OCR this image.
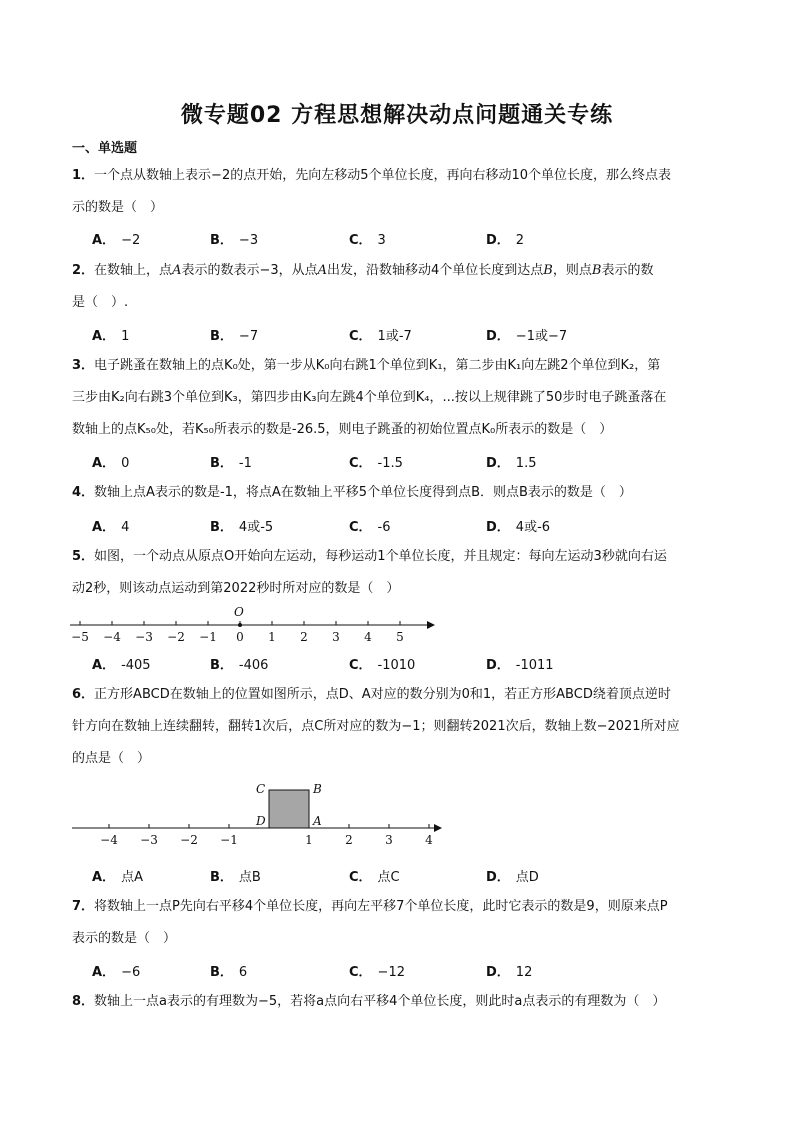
微专题02 方程思想解决动点问题通关专练
一、单选题
1．一个点从数轴上表示−2的点开始，先向左移动5个单位长度，再向右移动10个单位长度，那么终点表
示的数是（　）
A． −2	B． −3	C． 3	D． 2
2．在数轴上，点A表示的数表示−3，从点A出发，沿数轴移动4个单位长度到达点B，则点B表示的数
是（　）.
A． 1	B． −7	C． 1或-7	D． −1或−7
3．电子跳蚤在数轴上的点K₀处，第一步从K₀向右跳1个单位到K₁，第二步由K₁向左跳2个单位到K₂，第
三步由K₂向右跳3个单位到K₃，第四步由K₃向左跳4个单位到K₄，...按以上规律跳了50步时电子跳蚤落在
数轴上的点K₅₀处，若K₅₀所表示的数是-26.5，则电子跳蚤的初始位置点K₀所表示的数是（　）
A． 0	B． -1	C． -1.5	D． 1.5
4．数轴上点A表示的数是-1，将点A在数轴上平移5个单位长度得到点B．则点B表示的数是（　）
A． 4	B． 4或-5	C． -6	D． 4或-6
5．如图，一个动点从原点O开始向左运动，每秒运动1个单位长度，并且规定：每向左运动3秒就向右运
动2秒，则该动点运动到第2022秒时所对应的数是（　）
−5 −4 −3 −2 −1 0 1 2 3 4 5
O
A． -405	B． -406	C． -1010	D． -1011
6．正方形ABCD在数轴上的位置如图所示，点D、A对应的数分别为0和1，若正方形ABCD绕着顶点逆时
针方向在数轴上连续翻转，翻转1次后，点C所对应的数为−1；则翻转2021次后，数轴上数−2021所对应
的点是（　）
−4 −3 −2 −1	1	2	3	4
C	B
D	A
A． 点A	B． 点B	C． 点C	D． 点D
7．将数轴上一点P先向右平移4个单位长度，再向左平移7个单位长度，此时它表示的数是9，则原来点P
表示的数是（　）
A． −6	B． 6	C． −12	D． 12
8．数轴上一点a表示的有理数为−5，若将a点向右平移4个单位长度，则此时a点表示的有理数为（　）
